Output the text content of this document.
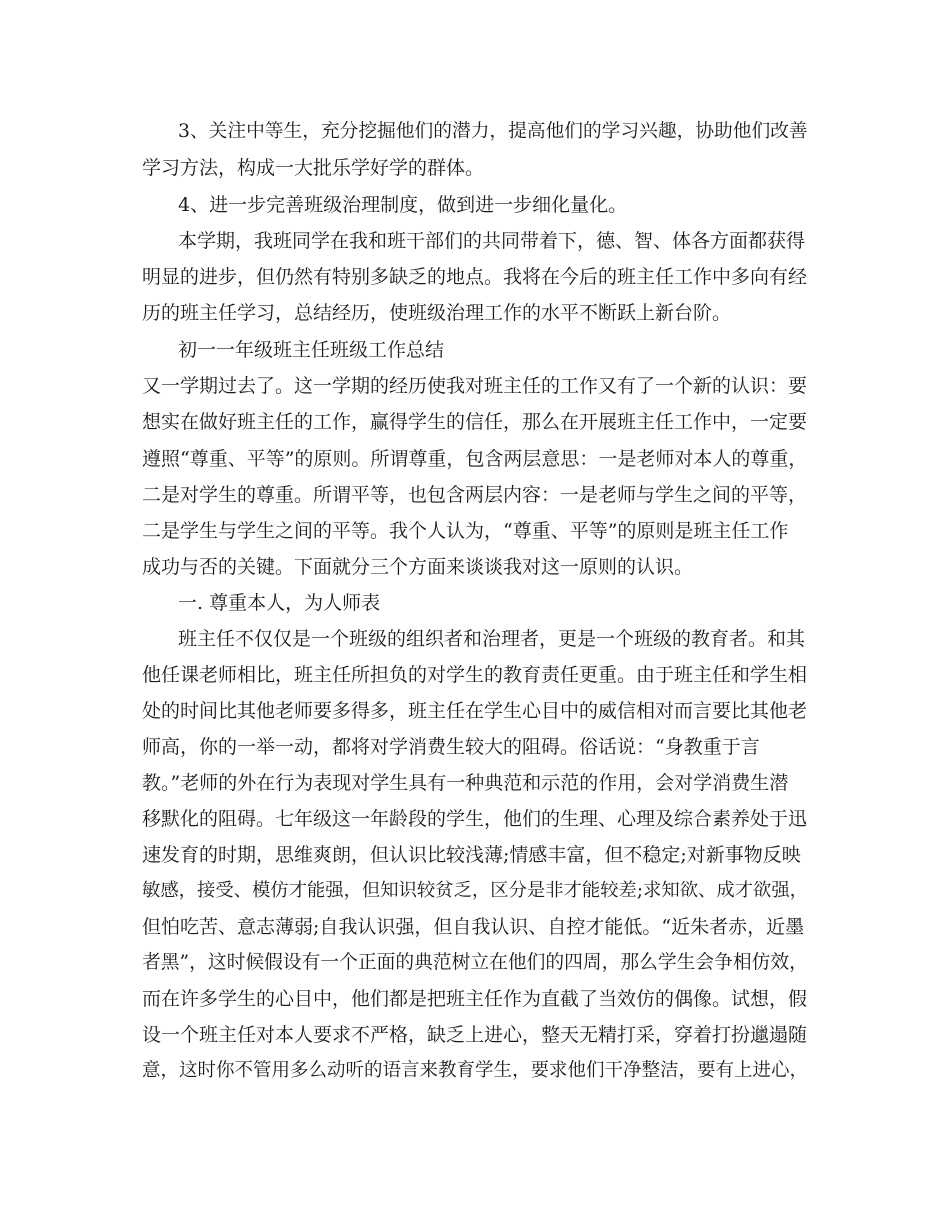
3、关注中等生，充分挖掘他们的潜力，提高他们的学习兴趣，协助他们改善
学习方法，构成一大批乐学好学的群体。
4、进一步完善班级治理制度，做到进一步细化量化。
本学期，我班同学在我和班干部们的共同带着下，德、智、体各方面都获得
明显的进步，但仍然有特别多缺乏的地点。我将在今后的班主任工作中多向有经
历的班主任学习，总结经历，使班级治理工作的水平不断跃上新台阶。
初一一年级班主任班级工作总结
又一学期过去了。这一学期的经历使我对班主任的工作又有了一个新的认识：要
想实在做好班主任的工作，赢得学生的信任，那么在开展班主任工作中，一定要
遵照“尊重、平等”的原则。所谓尊重，包含两层意思：一是老师对本人的尊重，
二是对学生的尊重。所谓平等，也包含两层内容：一是老师与学生之间的平等，
二是学生与学生之间的平等。我个人认为，“尊重、平等”的原则是班主任工作
成功与否的关键。下面就分三个方面来谈谈我对这一原则的认识。
一. 尊重本人，为人师表
班主任不仅仅是一个班级的组织者和治理者，更是一个班级的教育者。和其
他任课老师相比，班主任所担负的对学生的教育责任更重。由于班主任和学生相
处的时间比其他老师要多得多，班主任在学生心目中的威信相对而言要比其他老
师高，你的一举一动，都将对学消费生较大的阻碍。俗话说：“身教重于言
教。”老师的外在行为表现对学生具有一种典范和示范的作用，会对学消费生潜
移默化的阻碍。七年级这一年龄段的学生，他们的生理、心理及综合素养处于迅
速发育的时期，思维爽朗，但认识比较浅薄;情感丰富，但不稳定;对新事物反映
敏感，接受、模仿才能强，但知识较贫乏，区分是非才能较差;求知欲、成才欲强，
但怕吃苦、意志薄弱;自我认识强，但自我认识、自控才能低。“近朱者赤，近墨
者黑”，这时候假设有一个正面的典范树立在他们的四周，那么学生会争相仿效，
而在许多学生的心目中，他们都是把班主任作为直截了当效仿的偶像。试想，假
设一个班主任对本人要求不严格，缺乏上进心，整天无精打采，穿着打扮邋遢随
意，这时你不管用多么动听的语言来教育学生，要求他们干净整洁，要有上进心，
